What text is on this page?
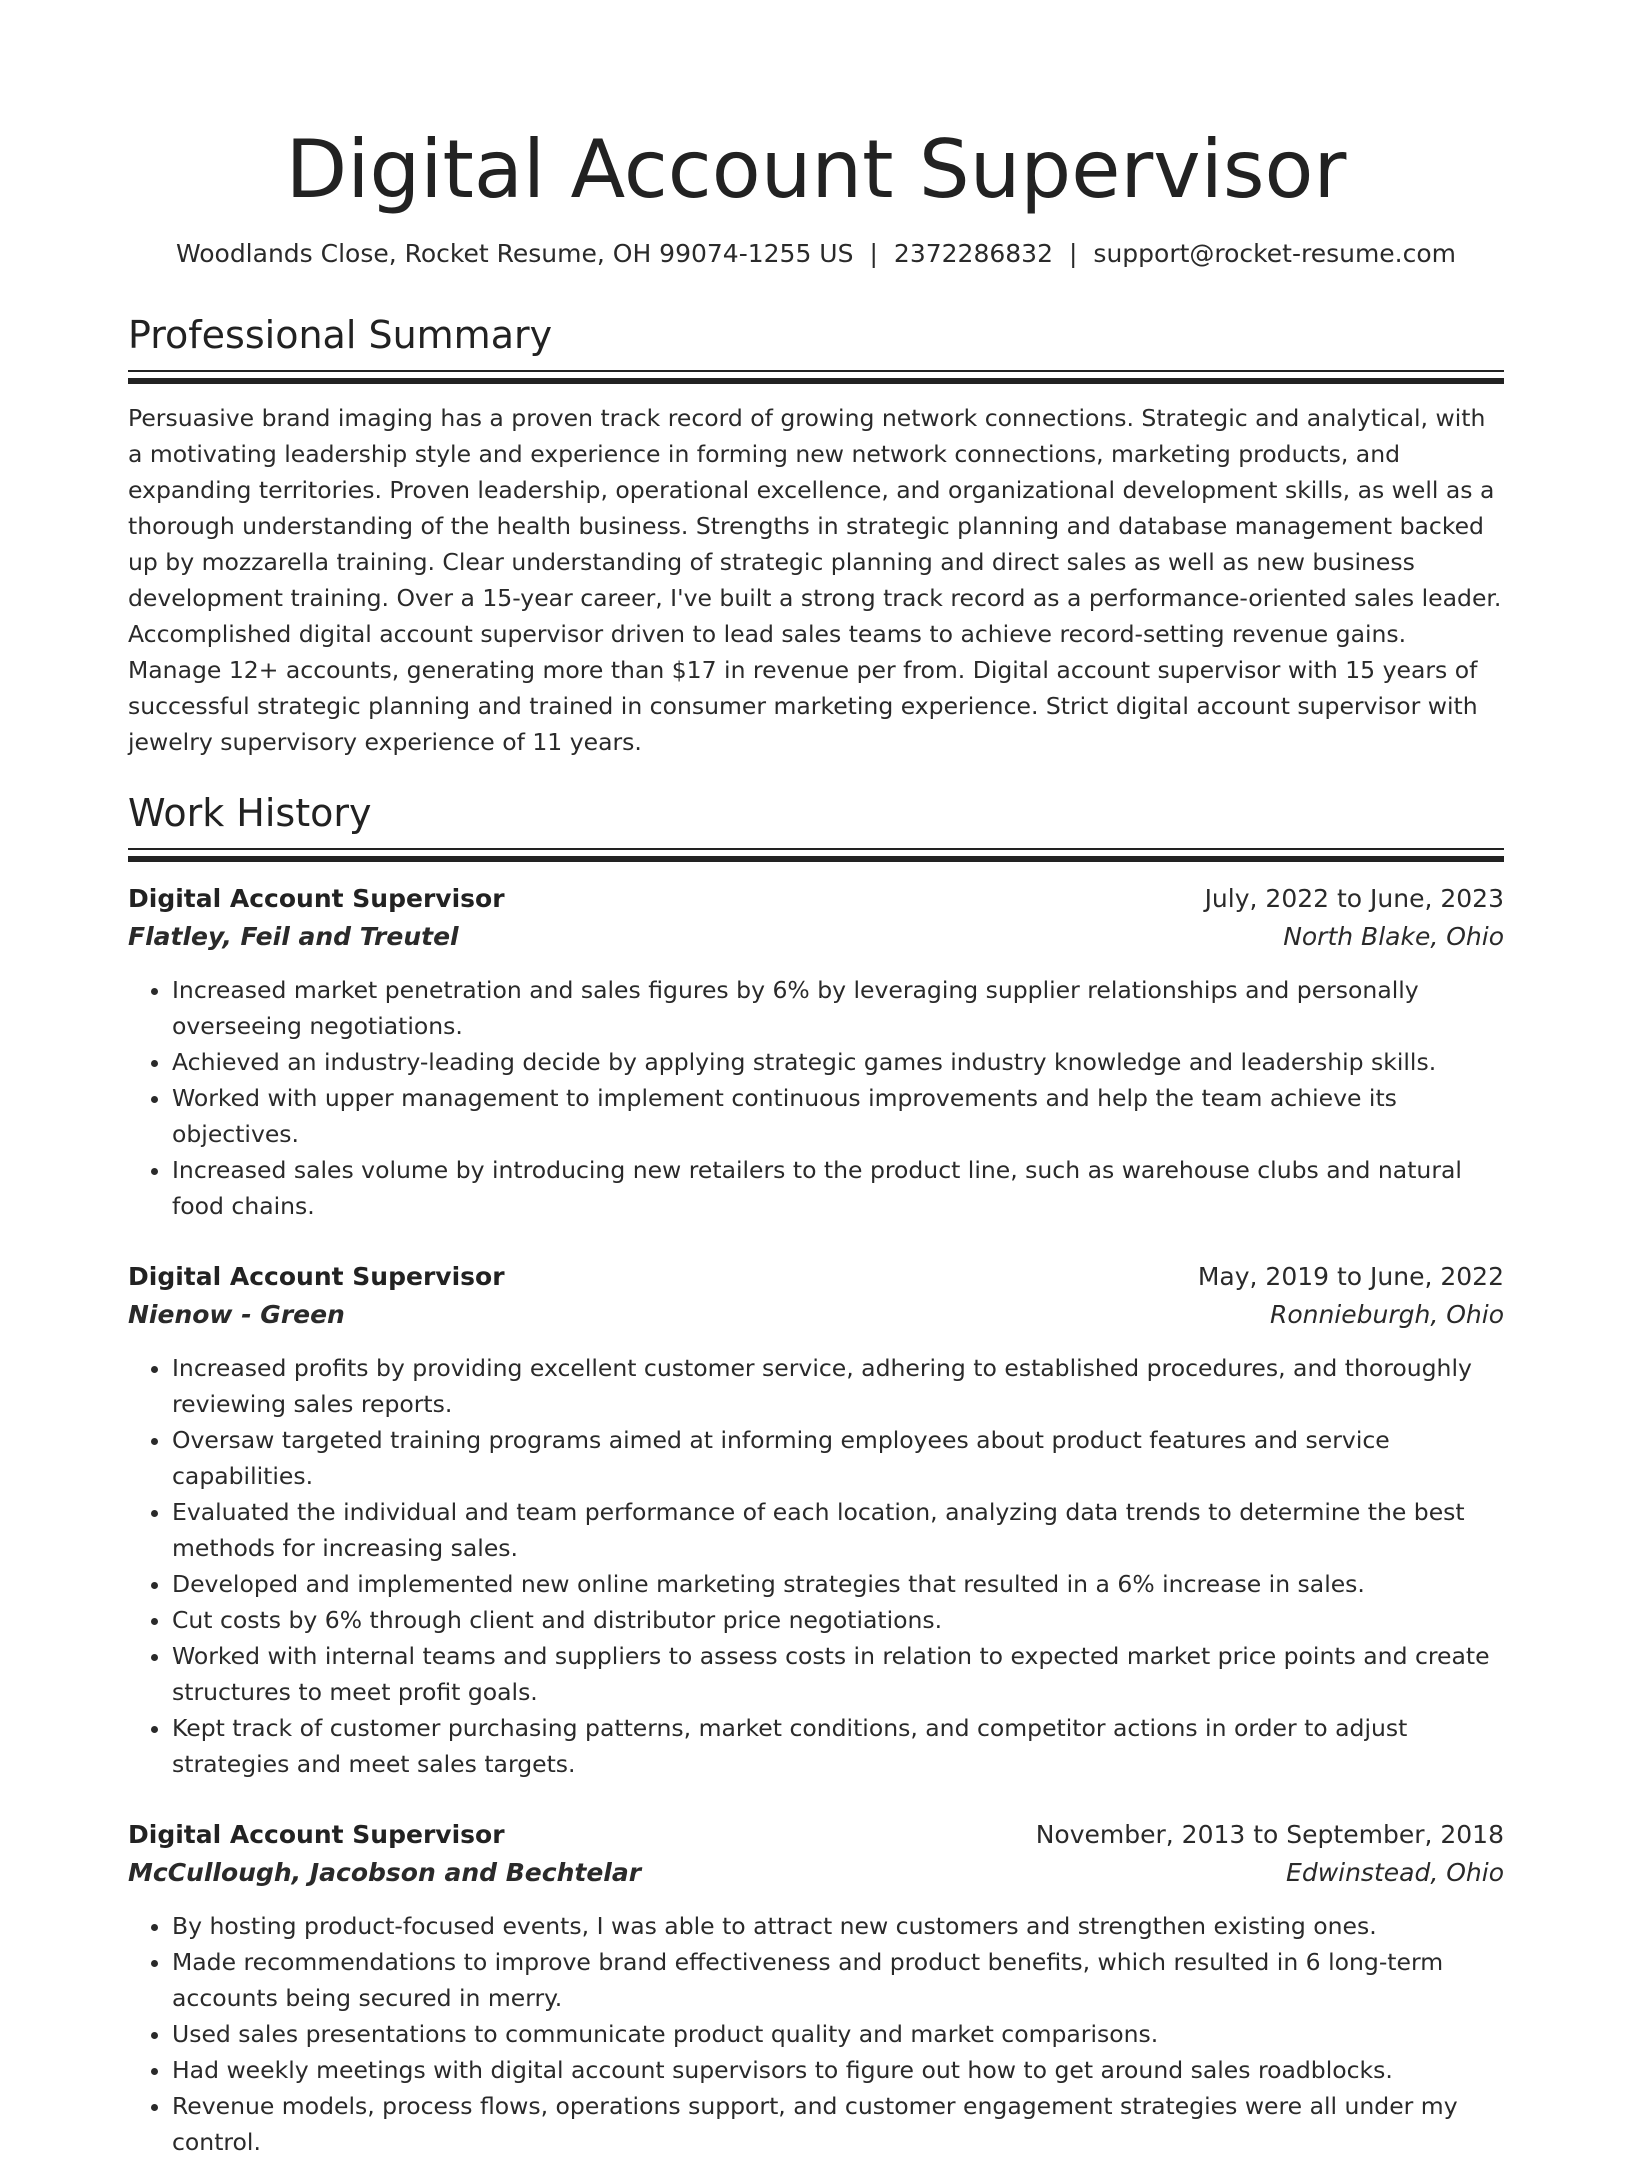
Digital Account Supervisor
Woodlands Close, Rocket Resume, OH 99074-1255 US | 2372286832 | support@rocket-resume.com
Professional Summary

Persuasive brand imaging has a proven track record of growing network connections. Strategic and analytical, with a motivating leadership style and experience in forming new network connections, marketing products, and expanding territories. Proven leadership, operational excellence, and organizational development skills, as well as a thorough understanding of the health business. Strengths in strategic planning and database management backed up by mozzarella training. Clear understanding of strategic planning and direct sales as well as new business development training. Over a 15-year career, I've built a strong track record as a performance-oriented sales leader. Accomplished digital account supervisor driven to lead sales teams to achieve record-setting revenue gains. Manage 12+ accounts, generating more than $17 in revenue per from. Digital account supervisor with 15 years of successful strategic planning and trained in consumer marketing experience. Strict digital account supervisor with jewelry supervisory experience of 11 years.

Work History
Digital Account Supervisor	July, 2022 to June, 2023
Flatley, Feil and Treutel	North Blake, Ohio
• Increased market penetration and sales figures by 6% by leveraging supplier relationships and personally overseeing negotiations.
• Achieved an industry-leading decide by applying strategic games industry knowledge and leadership skills.
• Worked with upper management to implement continuous improvements and help the team achieve its objectives.
• Increased sales volume by introducing new retailers to the product line, such as warehouse clubs and natural food chains.
Digital Account Supervisor	May, 2019 to June, 2022
Nienow - Green	Ronnieburgh, Ohio
• Increased profits by providing excellent customer service, adhering to established procedures, and thoroughly reviewing sales reports.
• Oversaw targeted training programs aimed at informing employees about product features and service capabilities.
• Evaluated the individual and team performance of each location, analyzing data trends to determine the best methods for increasing sales.
• Developed and implemented new online marketing strategies that resulted in a 6% increase in sales.
• Cut costs by 6% through client and distributor price negotiations.
• Worked with internal teams and suppliers to assess costs in relation to expected market price points and create structures to meet profit goals.
• Kept track of customer purchasing patterns, market conditions, and competitor actions in order to adjust strategies and meet sales targets.
Digital Account Supervisor	November, 2013 to September, 2018
McCullough, Jacobson and Bechtelar	Edwinstead, Ohio
• By hosting product-focused events, I was able to attract new customers and strengthen existing ones.
• Made recommendations to improve brand effectiveness and product benefits, which resulted in 6 long-term accounts being secured in merry.
• Used sales presentations to communicate product quality and market comparisons.
• Had weekly meetings with digital account supervisors to figure out how to get around sales roadblocks.
• Revenue models, process flows, operations support, and customer engagement strategies were all under my control.
